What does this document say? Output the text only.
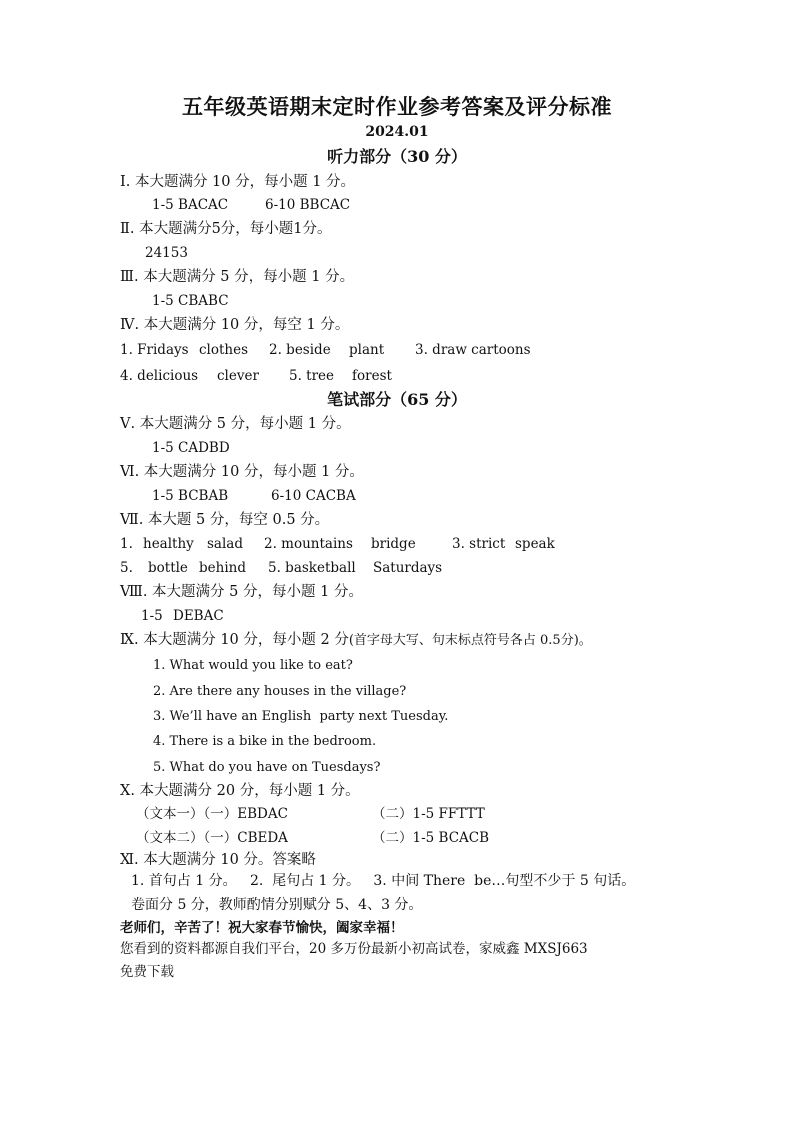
五年级英语期末定时作业参考答案及评分标准
2024.01
听力部分（30 分）
Ⅰ. 本大题满分 10 分，每小题 1 分。
1-5 BACAC	6-10 BBCAC
Ⅱ. 本大题满分5分，每小题1分。
24153
Ⅲ. 本大题满分 5 分，每小题 1 分。
1-5 CBABC
Ⅳ. 本大题满分 10 分，每空 1 分。
1. Fridays clothes 2. beside plant 3. draw cartoons
4. delicious clever 5. tree forest
笔试部分（65 分）
Ⅴ. 本大题满分 5 分，每小题 1 分。
1-5 CADBD
Ⅵ. 本大题满分 10 分，每小题 1 分。
1-5 BCBAB	6-10 CACBA
Ⅶ. 本大题 5 分，每空 0.5 分。
1. healthy salad 2. mountains bridge	3. strict speak
5. bottle behind 5. basketball Saturdays
Ⅷ. 本大题满分 5 分，每小题 1 分。
1-5 DEBAC
Ⅸ. 本大题满分 10 分，每小题 2 分(首字母大写、句末标点符号各占 0.5分)。
1. What would you like to eat?
2. Are there any houses in the village?
3. We’ll have an English  party next Tuesday.
4. There is a bike in the bedroom.
5. What do you have on Tuesdays?
Ⅹ. 本大题满分 20 分，每小题 1 分。
（文本一）（一）EBDAC	（二）1-5 FFTTT
（文本二）（一）CBEDA	（二）1-5 BCACB
Ⅺ. 本大题满分 10 分。答案略
1. 首句占 1 分。   2.  尾句占 1 分。   3. 中间 There  be…句型不少于 5 句话。
卷面分 5 分，教师酌情分别赋分 5、4、3 分。
老师们，辛苦了！祝大家春节愉快，阖家幸福！
您看到的资料都源自我们平台，20 多万份最新小初高试卷，家威鑫 MXSJ663
免费下载
